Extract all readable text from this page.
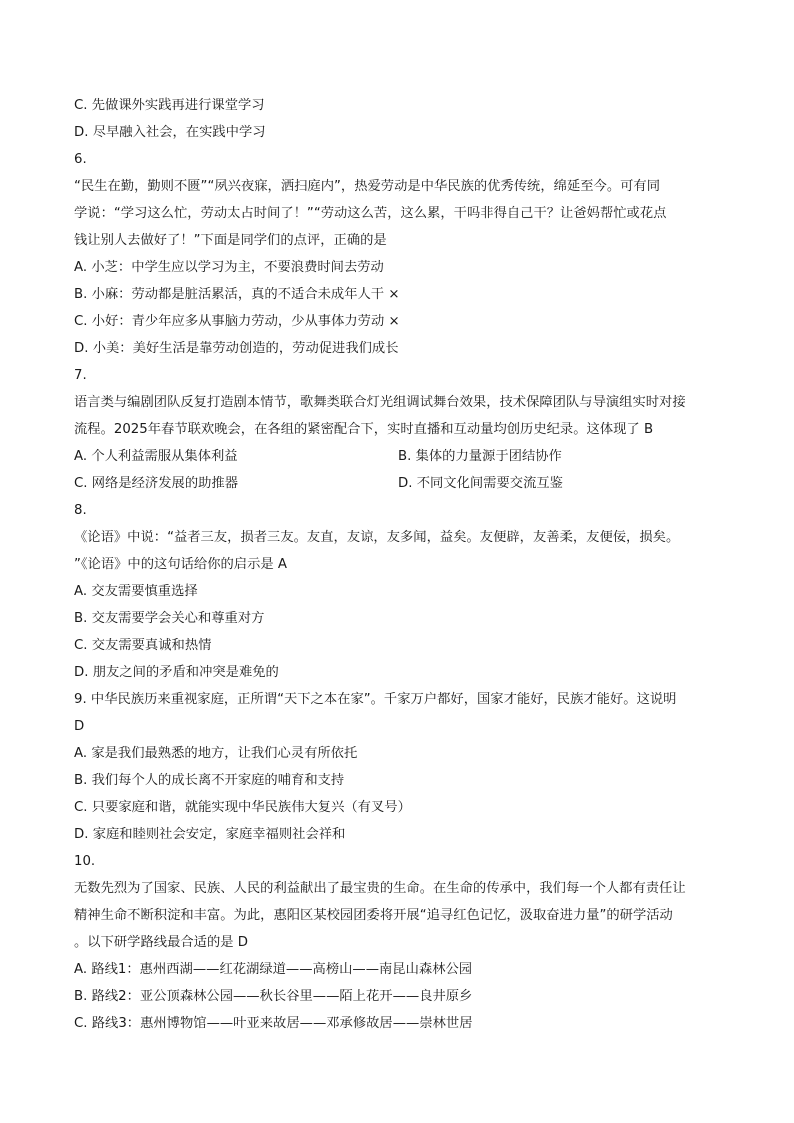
C. 先做课外实践再进行课堂学习
D. 尽早融入社会，在实践中学习
6.
“民生在勤，勤则不匮”“夙兴夜寐，洒扫庭内”，热爱劳动是中华民族的优秀传统，绵延至今。可有同
学说：“学习这么忙，劳动太占时间了！”“劳动这么苦，这么累，干吗非得自己干？让爸妈帮忙或花点
钱让别人去做好了！”下面是同学们的点评，正确的是
A. 小芝：中学生应以学习为主，不要浪费时间去劳动
B. 小麻：劳动都是脏活累活，真的不适合未成年人干 ×
C. 小好：青少年应多从事脑力劳动，少从事体力劳动 ×
D. 小美：美好生活是靠劳动创造的，劳动促进我们成长
7.
语言类与编剧团队反复打造剧本情节，歌舞类联合灯光组调试舞台效果，技术保障团队与导演组实时对接
流程。2025年春节联欢晚会，在各组的紧密配合下，实时直播和互动量均创历史纪录。这体现了 B
A. 个人利益需服从集体利益	B. 集体的力量源于团结协作
C. 网络是经济发展的助推器	D. 不同文化间需要交流互鉴
8.
《论语》中说：“益者三友，损者三友。友直，友谅，友多闻，益矣。友便辟，友善柔，友便佞，损矣。
”《论语》中的这句话给你的启示是 A
A. 交友需要慎重选择
B. 交友需要学会关心和尊重对方
C. 交友需要真诚和热情
D. 朋友之间的矛盾和冲突是难免的
9. 中华民族历来重视家庭，正所谓“天下之本在家”。千家万户都好，国家才能好，民族才能好。这说明
D
A. 家是我们最熟悉的地方，让我们心灵有所依托
B. 我们每个人的成长离不开家庭的哺育和支持
C. 只要家庭和谐，就能实现中华民族伟大复兴（有叉号）
D. 家庭和睦则社会安定，家庭幸福则社会祥和
10.
无数先烈为了国家、民族、人民的利益献出了最宝贵的生命。在生命的传承中，我们每一个人都有责任让
精神生命不断积淀和丰富。为此，惠阳区某校园团委将开展“追寻红色记忆，汲取奋进力量”的研学活动
。以下研学路线最合适的是 D
A. 路线1：惠州西湖——红花湖绿道——高榜山——南昆山森林公园
B. 路线2：亚公顶森林公园——秋长谷里——陌上花开——良井原乡
C. 路线3：惠州博物馆——叶亚来故居——邓承修故居——崇林世居
